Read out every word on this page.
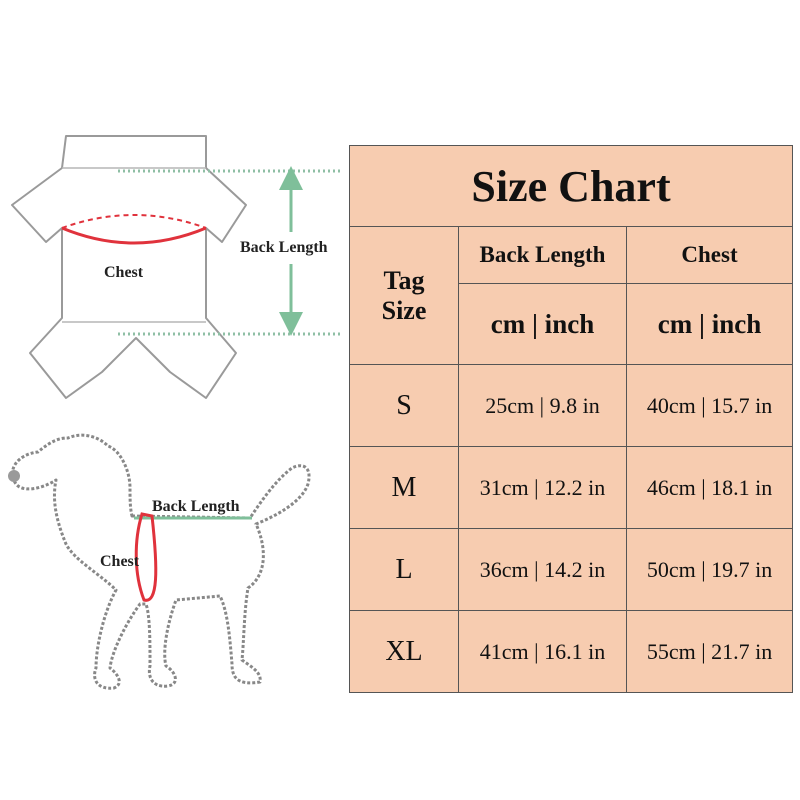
Back Length
Chest
Back Length
Chest
Size Chart		

Tag
Size	Back Length	Chest
	cm | inch	cm | inch
S	25cm | 9.8 in	40cm | 15.7 in
M	31cm | 12.2 in	46cm | 18.1 in
L	36cm | 14.2 in	50cm | 19.7 in
XL	41cm | 16.1 in	55cm | 21.7 in
